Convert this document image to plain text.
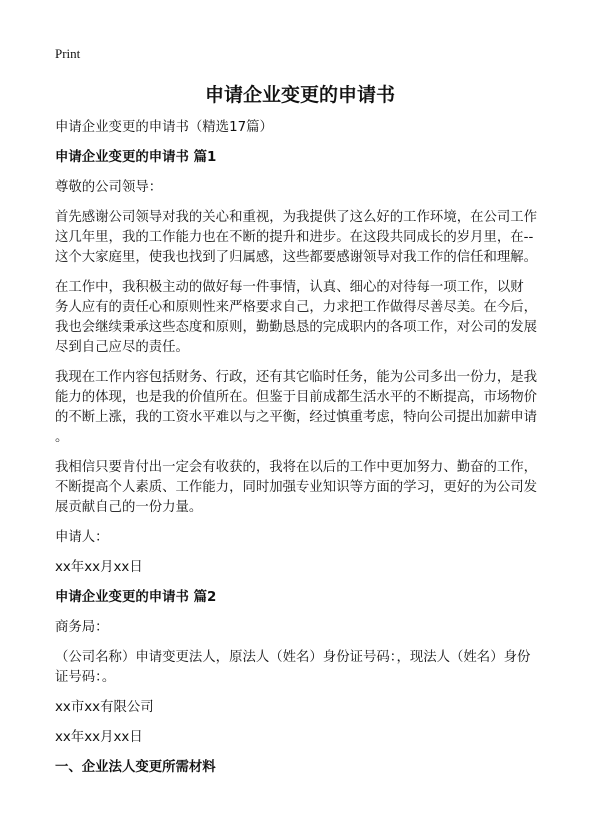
Print
申请企业变更的申请书
申请企业变更的申请书（精选17篇）
申请企业变更的申请书 篇1
尊敬的公司领导：
首先感谢公司领导对我的关心和重视，为我提供了这么好的工作环境，在公司工作
这几年里，我的工作能力也在不断的提升和进步。在这段共同成长的岁月里，在--
这个大家庭里，使我也找到了归属感，这些都要感谢领导对我工作的信任和理解。
在工作中，我积极主动的做好每一件事情，认真、细心的对待每一项工作，以财
务人应有的责任心和原则性来严格要求自己，力求把工作做得尽善尽美。在今后，
我也会继续秉承这些态度和原则，勤勤恳恳的完成职内的各项工作，对公司的发展
尽到自己应尽的责任。
我现在工作内容包括财务、行政，还有其它临时任务，能为公司多出一份力，是我
能力的体现，也是我的价值所在。但鉴于目前成都生活水平的不断提高，市场物价
的不断上涨，我的工资水平难以与之平衡，经过慎重考虑，特向公司提出加薪申请
。
我相信只要肯付出一定会有收获的，我将在以后的工作中更加努力、勤奋的工作，
不断提高个人素质、工作能力，同时加强专业知识等方面的学习，更好的为公司发
展贡献自己的一份力量。
申请人：
xx年xx月xx日
申请企业变更的申请书 篇2
商务局：
（公司名称）申请变更法人，原法人（姓名）身份证号码：，现法人（姓名）身份
证号码：。
xx市xx有限公司
xx年xx月xx日
一、企业法人变更所需材料
